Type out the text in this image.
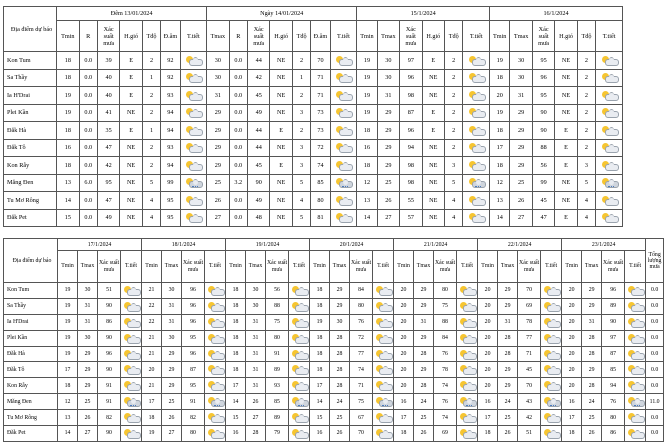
Địa điểm dự báo	Đêm 13/01/2024							Ngày 14/01/2024							15/1/2024						16/1/2024					
	Tmin	R	Xác suất mưa	H.gió	Tđộ	Đ.âm	T.tiết	Tmax	R	Xác suất mưa	H.gió	Tđộ	Đ.âm	T.tiết	Tmin	Tmax	Xác suất mưa	H.gió	Tđộ	T.tiết	Tmin	Tmax	Xác suất mưa	H.gió	Tđộ	T.tiết
Kon Tum	18	0.0	39	E	2	92		30	0.0	44	NE	2	70		19	30	97	E	2		19	30	95	NE	2	

Sa Thầy	18	0.0	40	E	1	92		30	0.0	42	NE	1	71		19	30	96	NE	2		18	30	96	NE	2	

Ia H'Drai	19	0.0	40	E	2	93		31	0.0	45	NE	2	71		19	31	98	NE	2		20	31	95	NE	2	

Plei Kần	19	0.0	41	NE	2	94		29	0.0	49	NE	3	73		19	29	87	E	2		19	29	90	NE	2	

Đăk Hà	18	0.0	35	E	1	94		29	0.0	44	E	2	73		18	29	96	E	2		18	29	90	E	2	

Đăk Tô	16	0.0	47	NE	2	93		29	0.0	44	NE	3	72		16	29	94	NE	2		17	29	88	E	2	

Kon Rẫy	18	0.0	42	NE	2	94		29	0.0	45	E	3	74		18	29	98	NE	3		18	29	56	E	3	

Măng Đen	13	6.0	95	NE	5	99		25	3.2	90	NE	5	85		12	25	98	NE	5		12	25	99	NE	5	

Tu Mơ Rông	14	0.0	47	NE	4	95		26	0.0	49	NE	4	80		13	26	55	NE	4		13	26	45	NE	4	

Đăk Pet	15	0.0	49	NE	4	95		27	0.0	48	NE	5	81		14	27	57	NE	4		14	27	47	E	4	
Địa điểm dự báo	17/1/2024				18/1/2024				19/1/2024				20/1/2024				21/1/2024				22/1/2024				23/1/2024				Tổng lượng mưa
	Tmin	Tmax	Xác suất mưa	T.tiết	Tmin	Tmax	Xác suất mưa	T.tiết	Tmin	Tmax	Xác suất mưa	T.tiết	Tmin	Tmax	Xác suất mưa	T.tiết	Tmin	Tmax	Xác suất mưa	T.tiết	Tmin	Tmax	Xác suất mưa	T.tiết	Tmin	Tmax	Xác suất mưa	T.tiết	
Kon Tum	19	30	51		21	30	96		18	30	56		18	29	84		20	29	80		20	29	70		20	29	96		0.0
Sa Thầy	19	31	90		22	31	96		18	30	88		18	29	80		20	29	75		20	29	69		20	29	89		0.0
Ia H'Drai	19	31	86		22	31	96		18	31	75		19	30	76		20	31	88		20	31	78		20	31	90		0.0
Plei Kần	19	30	90		21	30	95		18	31	80		18	28	72		20	29	84		20	28	77		20	28	97		0.0
Đăk Hà	19	29	96		21	29	96		18	31	91		18	28	77		20	28	76		20	28	71		20	28	87		0.0
Đăk Tô	17	29	90		20	29	87		18	31	89		18	28	74		20	29	78		20	29	45		20	29	85		0.0
Kon Rẫy	18	29	91		21	29	95		17	31	93		17	28	71		20	28	74		20	29	70		20	28	94		0.0
Măng Đen	12	25	91		17	25	91		14	26	85		14	24	75		16	24	76		16	24	43		16	24	76		11.0
Tu Mơ Rông	13	26	82		18	26	82		15	27	89		15	25	67		17	25	74		17	25	42		17	25	80		0.0
Đăk Pet	14	27	90		19	27	80		16	28	79		16	26	70		18	26	69		18	26	51		18	26	86		0.0
